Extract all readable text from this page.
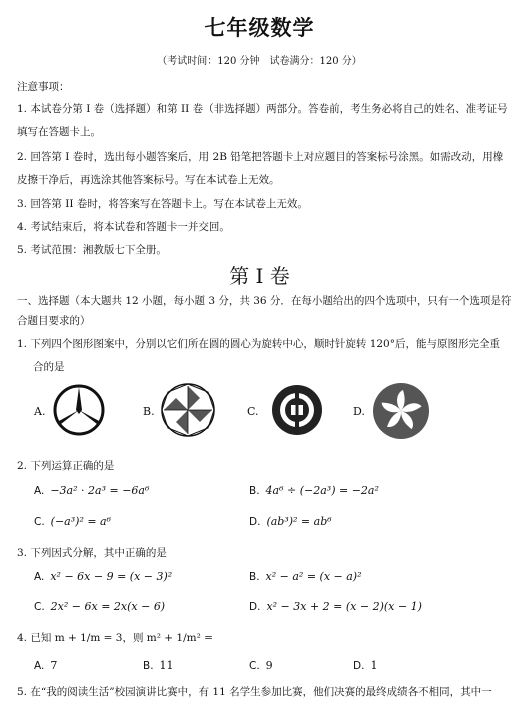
七年级数学
（考试时间：120 分钟　试卷满分：120 分）
注意事项：
1. 本试卷分第 I 卷（选择题）和第 II 卷（非选择题）两部分。答卷前，考生务必将自己的姓名、准考证号
填写在答题卡上。
2. 回答第 I 卷时，选出每小题答案后，用 2B 铅笔把答题卡上对应题目的答案标号涂黑。如需改动，用橡
皮擦干净后，再选涂其他答案标号。写在本试卷上无效。
3. 回答第 II 卷时，将答案写在答题卡上。写在本试卷上无效。
4. 考试结束后，将本试卷和答题卡一并交回。
5. 考试范围：湘教版七下全册。
第 I 卷
一、选择题（本大题共 12 小题，每小题 3 分，共 36 分．在每小题给出的四个选项中，只有一个选项是符
合题目要求的）
1. 下列四个图形图案中，分别以它们所在圆的圆心为旋转中心，顺时针旋转 120°后，能与原图形完全重
合的是
A.	B.	C.	D.
2. 下列运算正确的是
A. −3a² · 2a³ = −6a⁶	B. 4a⁶ ÷ (−2a³) = −2a²
C. (−a³)² = a⁶	D. (ab³)² = ab⁶
3. 下列因式分解，其中正确的是
A. x² − 6x − 9 = (x − 3)²	B. x² − a² = (x − a)²
C. 2x² − 6x = 2x(x − 6)	D. x² − 3x + 2 = (x − 2)(x − 1)
4. 已知 m + 1/m = 3，则 m² + 1/m² =
A. 7	B. 11	C. 9	D. 1
5. 在“我的阅读生活”校园演讲比赛中，有 11 名学生参加比赛，他们决赛的最终成绩各不相同，其中一
